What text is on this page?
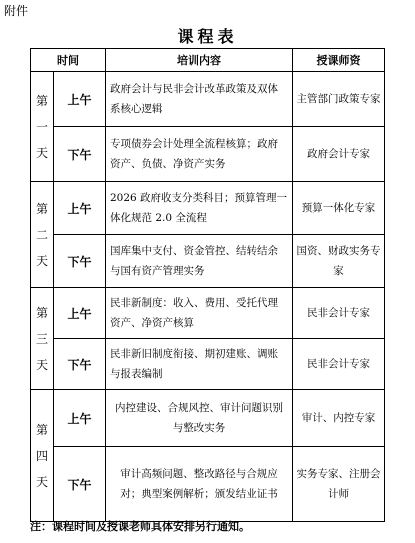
附件
课程表
时间		培训内容	授课师资

第
一
天	上午	政府会计与民非会计改革政策及双体系核心逻辑	主管部门政策专家
	下午	专项债券会计处理全流程核算；政府资产、负债、净资产实务	政府会计专家

第
二
天	上午	2026 政府收支分类科目；预算管理一体化规范 2.0 全流程	预算一体化专家
	下午	国库集中支付、资金管控、结转结余与国有资产管理实务	国资、财政实务专家

第
三
天	上午	民非新制度：收入、费用、受托代理资产、净资产核算	民非会计专家
	下午	民非新旧制度衔接、期初建账、调账与报表编制	民非会计专家

第
四
天	上午	内控建设、合规风控、审计问题识别与整改实务	审计、内控专家
	下午	审计高频问题、整改路径与合规应对；典型案例解析；颁发结业证书	实务专家、注册会计师
注：课程时间及授课老师具体安排另行通知。
